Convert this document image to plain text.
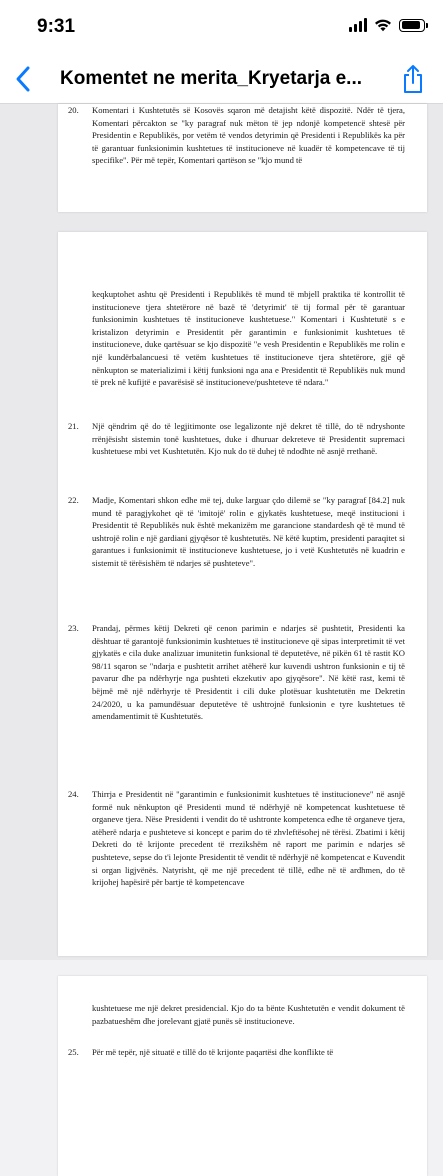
9:31
Komentet ne merita_Kryetarja e...
20.	Komentari i Kushtetutës së Kosovës sqaron më detajisht këtë dispozitë. Ndër të tjera, Komentari përcakton se "ky paragraf nuk mëton të jep ndonjë kompetencë shtesë për Presidentin e Republikës, por vetëm të vendos detyrimin që Presidenti i Republikës ka për të garantuar funksionimin kushtetues të institucioneve në kuadër të kompetencave të tij specifike". Për më tepër, Komentari qartëson se "kjo mund të
keqkuptohet ashtu që Presidenti i Republikës të mund të mbjell praktika të kontrollit të institucioneve tjera shtetërore në bazë të 'detyrimit' të tij formal për të garantuar funksionimin kushtetues të institucioneve kushtetuese." Komentari i Kushtetutë s e kristalizon detyrimin e Presidentit për garantimin e funksionimit kushtetues të institucioneve, duke qartësuar se kjo dispozitë "e vesh Presidentin e Republikës me rolin e një kundërbalancuesi të vetëm kushtetues të institucioneve tjera shtetërore, gjë që nënkupton se materializimi i këtij funksioni nga ana e Presidentit të Republikës nuk mund të prek në kufijtë e pavarësisë së institucioneve/pushteteve të ndara."
21.	Një qëndrim që do të legjitimonte ose legalizonte një dekret të tillë, do të ndryshonte rrënjësisht sistemin tonë kushtetues, duke i dhuruar dekreteve të Presidentit supremaci kushtetuese mbi vet Kushtetutën. Kjo nuk do të duhej të ndodhte në asnjë rrethanë.
22.	Madje, Komentari shkon edhe më tej, duke larguar çdo dilemë se "ky paragraf [84.2] nuk mund të paragjykohet që të 'imitojë' rolin e gjykatës kushtetuese, meqë institucioni i Presidentit të Republikës nuk është mekanizëm me garancione standardesh që të mund të ushtrojë rolin e një gardiani gjyqësor të kushtetutës. Në këtë kuptim, presidenti paraqitet si garantues i funksionimit të institucioneve kushtetuese, jo i vetë Kushtetutës në kuadrin e sistemit të tërësishëm të ndarjes së pushteteve".
23.	Prandaj, përmes këtij Dekreti që cenon parimin e ndarjes së pushtetit, Presidenti ka dështuar të garantojë funksionimin kushtetues të institucioneve që sipas interpretimit të vet gjykatës e cila duke analizuar imunitetin funksional të deputetëve, në pikën 61 të rastit KO 98/11 sqaron se "ndarja e pushtetit arrihet atëherë kur kuvendi ushtron funksionin e tij të pavarur dhe pa ndërhyrje nga pushteti ekzekutiv apo gjyqësore". Në këtë rast, kemi të bëjmë më një ndërhyrje të Presidentit i cili duke plotësuar kushtetutën me Dekretin 24/2020, u ka pamundësuar deputetëve të ushtrojnë funksionin e tyre kushtetues të amendamentimit të Kushtetutës.
24.	Thirrja e Presidentit në "garantimin e funksionimit kushtetues të institucioneve" në asnjë formë nuk nënkupton që Presidenti mund të ndërhyjë në kompetencat kushtetuese të organeve tjera. Nëse Presidenti i vendit do të ushtronte kompetenca edhe të organeve tjera, atëherë ndarja e pushteteve si koncept e parim do të zhvleftësohej në tërësi. Zbatimi i këtij Dekreti do të krijonte precedent të rrezikshëm në raport me parimin e ndarjes së pushteteve, sepse do t'i lejonte Presidentit të vendit të ndërhyjë në kompetencat e Kuvendit si organ ligjvënës. Natyrisht, që me një precedent të tillë, edhe në të ardhmen, do të krijohej hapësirë për bartje të kompetencave
kushtetuese me një dekret presidencial. Kjo do ta bënte Kushtetutën e vendit dokument të pazbatueshëm dhe jorelevant gjatë punës së institucioneve.
25.	Për më tepër, një situatë e tillë do të krijonte paqartësi dhe konflikte të
